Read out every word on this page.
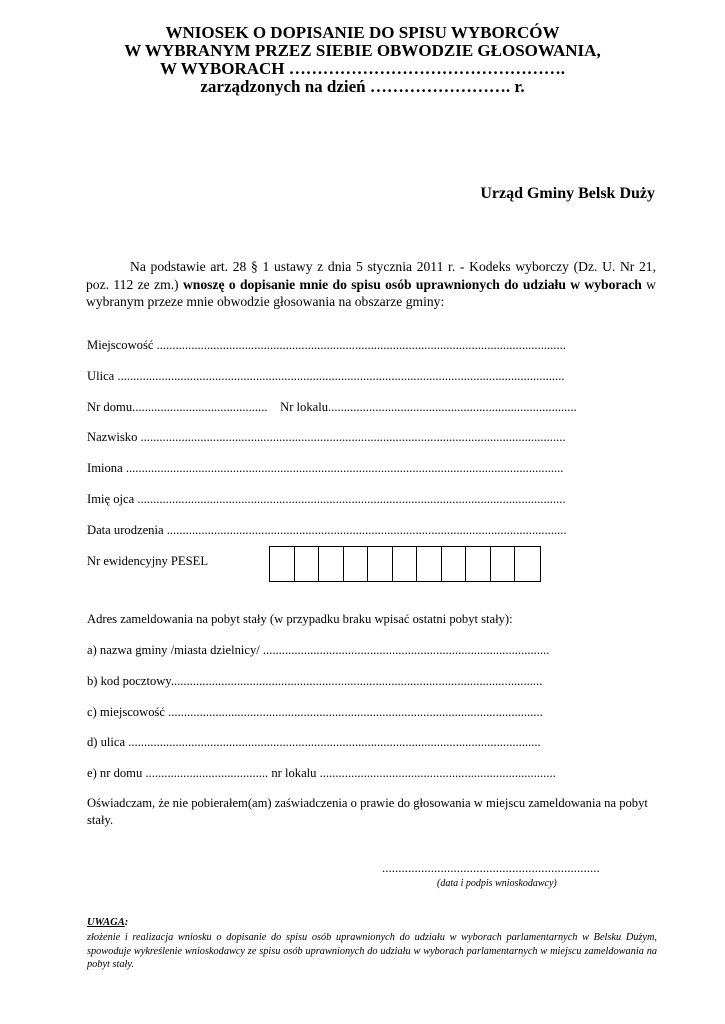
WNIOSEK O DOPISANIE DO SPISU WYBORCÓW
W WYBRANYM PRZEZ SIEBIE OBWODZIE GŁOSOWANIA,
W WYBORACH ………………………………………….
zarządzonych na dzień ……………………. r.
Urząd Gminy Belsk Duży
Na podstawie art. 28 § 1 ustawy z dnia 5 stycznia 2011 r. - Kodeks wyborczy (Dz. U. Nr 21, poz. 112 ze zm.) wnoszę o dopisanie mnie do spisu osób uprawnionych do udziału w wyborach w wybranym przeze mnie obwodzie głosowania na obszarze gminy:
Miejscowość ..................................................................................................................................
Ulica ..............................................................................................................................................
Nr domu........................................... Nr lokalu...............................................................................
Nazwisko .......................................................................................................................................
Imiona ...........................................................................................................................................
Imię ojca ........................................................................................................................................
Data urodzenia ...............................................................................................................................
Nr ewidencyjny PESEL
Adres zameldowania na pobyt stały (w przypadku braku wpisać ostatni pobyt stały):
a) nazwa gminy /miasta dzielnicy/ ...........................................................................................
b) kod pocztowy......................................................................................................................
c) miejscowość .......................................................................................................................
d) ulica ...................................................................................................................................
e) nr domu ....................................... nr lokalu ...........................................................................
Oświadczam, że nie pobierałem(am) zaświadczenia o prawie do głosowania w miejscu zameldowania na pobyt stały.
...................................................................
(data i podpis wnioskodawcy)
UWAGA:
złożenie i realizacja wniosku o dopisanie do spisu osób uprawnionych do udziału w wyborach parlamentarnych w Belsku Dużym, spowoduje wykreślenie wnioskodawcy ze spisu osób uprawnionych do udziału w wyborach parlamentarnych w miejscu zameldowania na pobyt stały.
